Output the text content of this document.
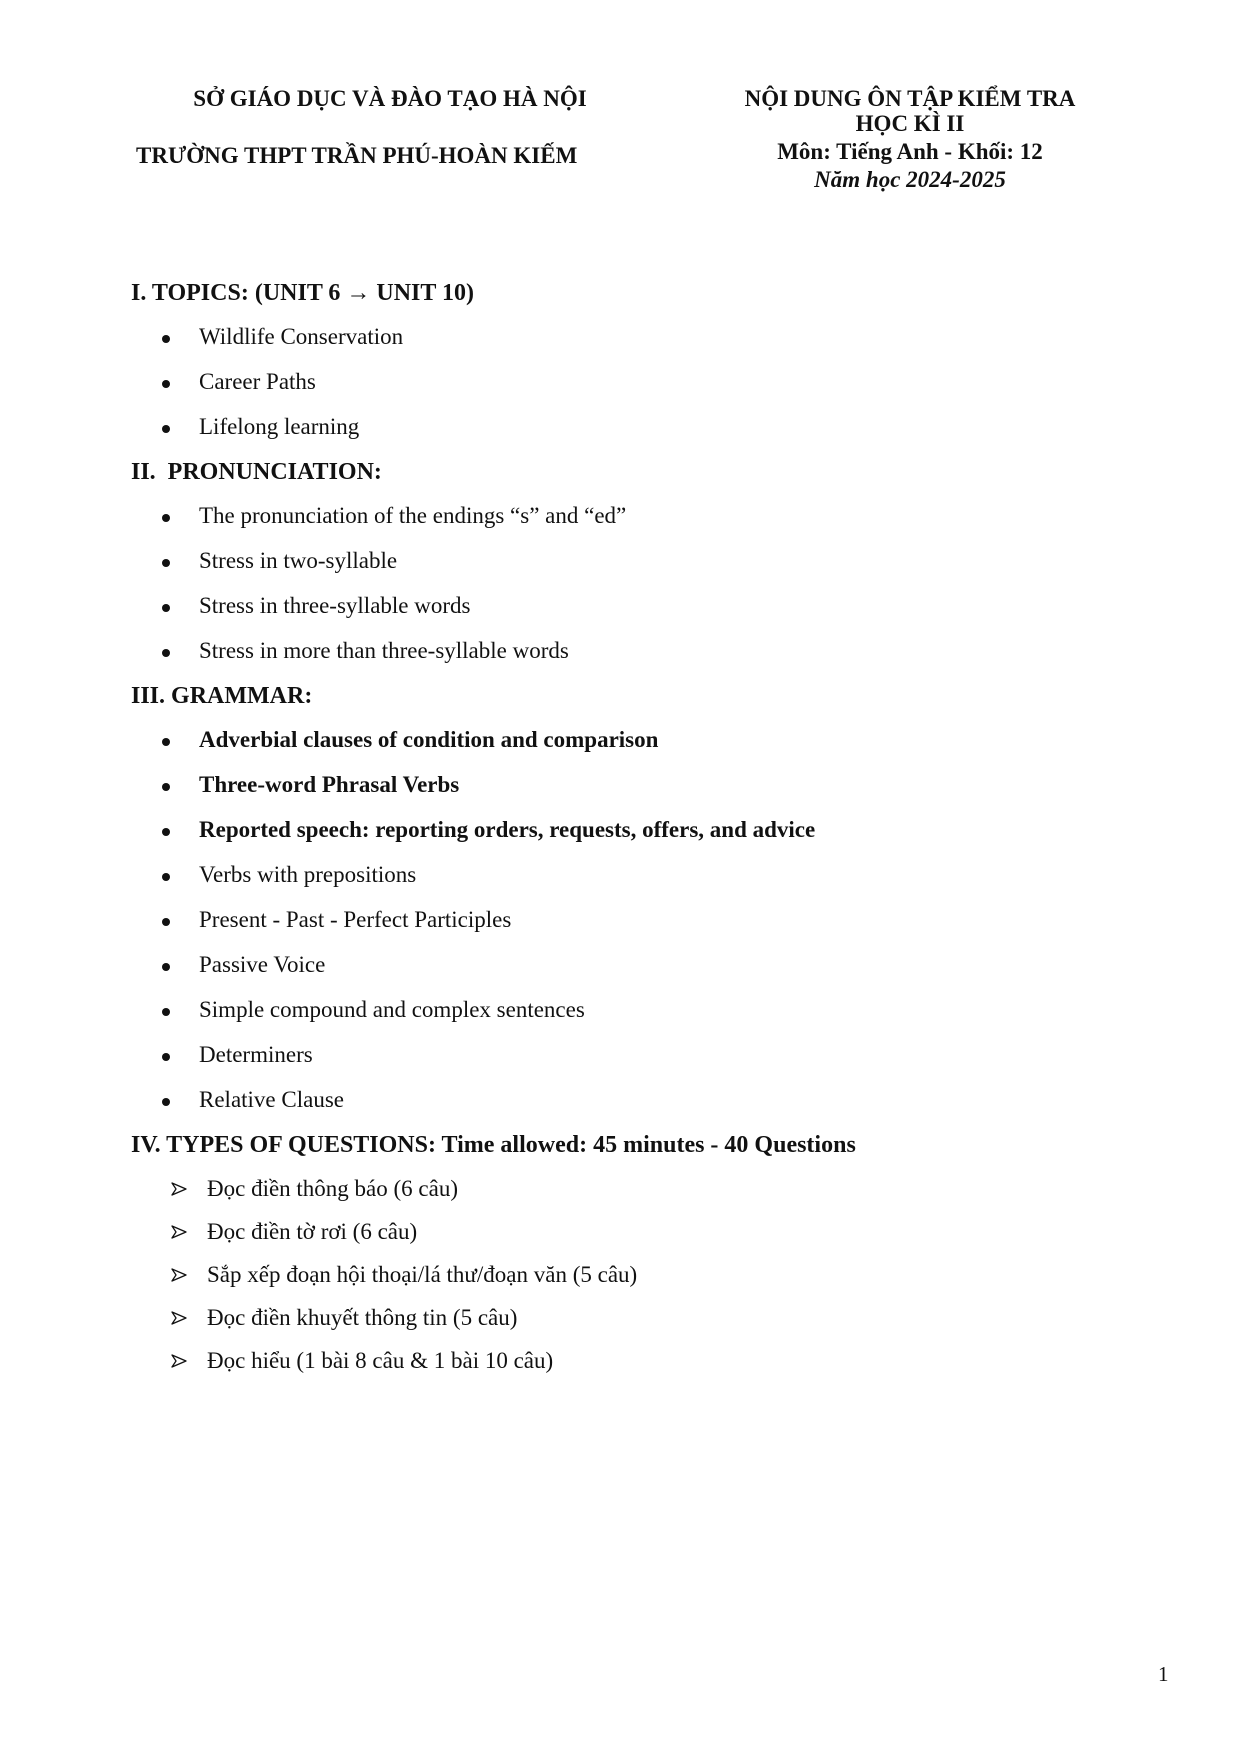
SỞ GIÁO DỤC VÀ ĐÀO TẠO HÀ NỘI
TRƯỜNG THPT TRẦN PHÚ-HOÀN KIẾM
NỘI DUNG ÔN TẬP KIỂM TRA
HỌC KÌ II
Môn: Tiếng Anh - Khối: 12
Năm học 2024-2025
I. TOPICS: (UNIT 6 → UNIT 10)
Wildlife Conservation
Career Paths
Lifelong learning
II.  PRONUNCIATION:
The pronunciation of the endings “s” and “ed”
Stress in two-syllable
Stress in three-syllable words
Stress in more than three-syllable words
III. GRAMMAR:
Adverbial clauses of condition and comparison
Three-word Phrasal Verbs
Reported speech: reporting orders, requests, offers, and advice
Verbs with prepositions
Present - Past - Perfect Participles
Passive Voice
Simple compound and complex sentences
Determiners
Relative Clause
IV. TYPES OF QUESTIONS: Time allowed: 45 minutes - 40 Questions
Đọc điền thông báo (6 câu)
Đọc điền tờ rơi (6 câu)
Sắp xếp đoạn hội thoại/lá thư/đoạn văn (5 câu)
Đọc điền khuyết thông tin (5 câu)
Đọc hiểu (1 bài 8 câu & 1 bài 10 câu)
1
